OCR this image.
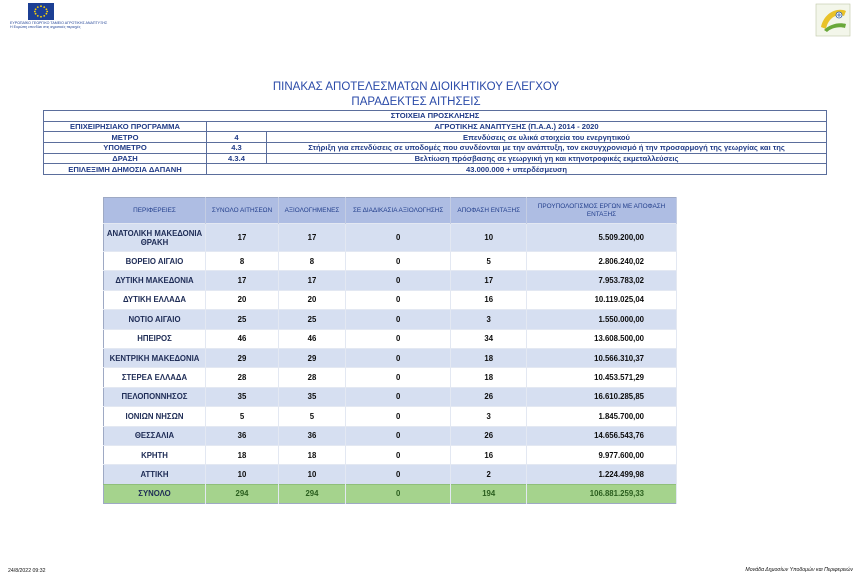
ΕΥΡΩΠΑΪΚΟ ΓΕΩΡΓΙΚΟ ΤΑΜΕΙΟ ΑΓΡΟΤΙΚΗΣ ΑΝΑΠΤΥΞΗΣ
Η Ευρώπη επενδύει στις αγροτικές περιοχές
ΠΙΝΑΚΑΣ ΑΠΟΤΕΛΕΣΜΑΤΩΝ ΔΙΟΙΚΗΤΙΚΟΥ ΕΛΕΓΧΟΥ
ΠΑΡΑΔΕΚΤΕΣ ΑΙΤΗΣΕΙΣ
ΣΤΟΙΧΕΙΑ ΠΡΟΣΚΛΗΣΗΣ		
ΕΠΙΧΕΙΡΗΣΙΑΚΟ ΠΡΟΓΡΑΜΜΑ	ΑΓΡΟΤΙΚΗΣ ΑΝΑΠΤΥΞΗΣ (Π.Α.Α.) 2014 - 2020	
ΜΕΤΡΟ	4	Επενδύσεις σε υλικά στοιχεία του ενεργητικού
ΥΠΟΜΕΤΡΟ	4.3	Στήριξη για επενδύσεις σε υποδομές που συνδέονται με την ανάπτυξη, τον εκσυγχρονισμό ή την προσαρμογή της γεωργίας και της
ΔΡΑΣΗ	4.3.4	Βελτίωση πρόσβασης σε γεωργική γη και κτηνοτροφικές εκμεταλλεύσεις
ΕΠΙΛΕΞΙΜΗ ΔΗΜΟΣΙΑ ΔΑΠΑΝΗ	43.000.000 + υπερδέσμευση	
ΠΕΡΙΦΕΡΕΙΕΣ	ΣΥΝΟΛΟ ΑΙΤΗΣΕΩΝ	ΑΞΙΟΛΟΓΗΜΕΝΕΣ	ΣΕ ΔΙΑΔΙΚΑΣΙΑ ΑΞΙΟΛΟΓΗΣΗΣ	ΑΠΟΦΑΣΗ ΕΝΤΑΞΗΣ	ΠΡΟΥΠΟΛΟΓΙΣΜΟΣ ΕΡΓΩΝ ΜΕ ΑΠΟΦΑΣΗ ΕΝΤΑΞΗΣ
ΑΝΑΤΟΛΙΚΗ ΜΑΚΕΔΟΝΙΑ ΘΡΑΚΗ	17	17	0	10	5.509.200,00
ΒΟΡΕΙΟ ΑΙΓΑΙΟ	8	8	0	5	2.806.240,02
ΔΥΤΙΚΗ ΜΑΚΕΔΟΝΙΑ	17	17	0	17	7.953.783,02
ΔΥΤΙΚΗ ΕΛΛΑΔΑ	20	20	0	16	10.119.025,04
ΝΟΤΙΟ ΑΙΓΑΙΟ	25	25	0	3	1.550.000,00
ΗΠΕΙΡΟΣ	46	46	0	34	13.608.500,00
ΚΕΝΤΡΙΚΗ ΜΑΚΕΔΟΝΙΑ	29	29	0	18	10.566.310,37
ΣΤΕΡΕΑ ΕΛΛΑΔΑ	28	28	0	18	10.453.571,29
ΠΕΛΟΠΟΝΝΗΣΟΣ	35	35	0	26	16.610.285,85
ΙΟΝΙΩΝ ΝΗΣΩΝ	5	5	0	3	1.845.700,00
ΘΕΣΣΑΛΙΑ	36	36	0	26	14.656.543,76
ΚΡΗΤΗ	18	18	0	16	9.977.600,00
ΑΤΤΙΚΗ	10	10	0	2	1.224.499,98
ΣΥΝΟΛΟ	294	294	0	194	106.881.259,33
24/8/2022 09:32	Μονάδα Δημοσίων Υποδομών και Περιφερειών
